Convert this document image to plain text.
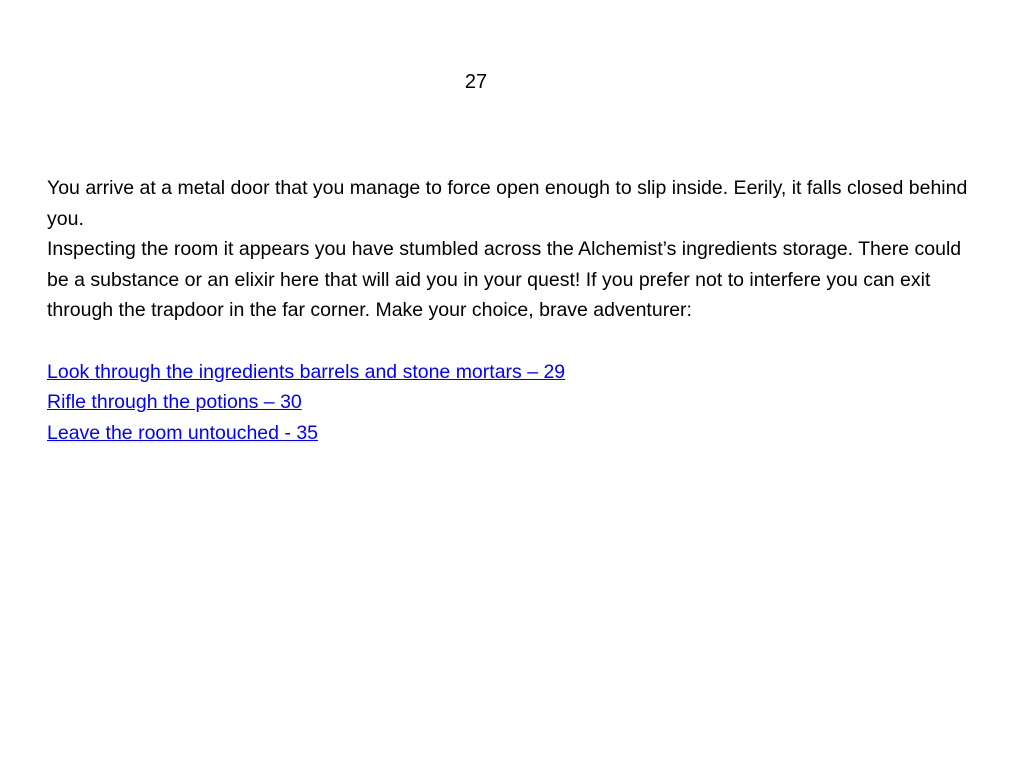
27

You arrive at a metal door that you manage to force open enough to slip inside. Eerily, it falls closed behind you.

Inspecting the room it appears you have stumbled across the Alchemist’s ingredients storage. There could be a substance or an elixir here that will aid you in your quest! If you prefer not to interfere you can exit through the trapdoor in the far corner. Make your choice, brave adventurer:

Look through the ingredients barrels and stone mortars – 29
Rifle through the potions – 30
Leave the room untouched - 35
